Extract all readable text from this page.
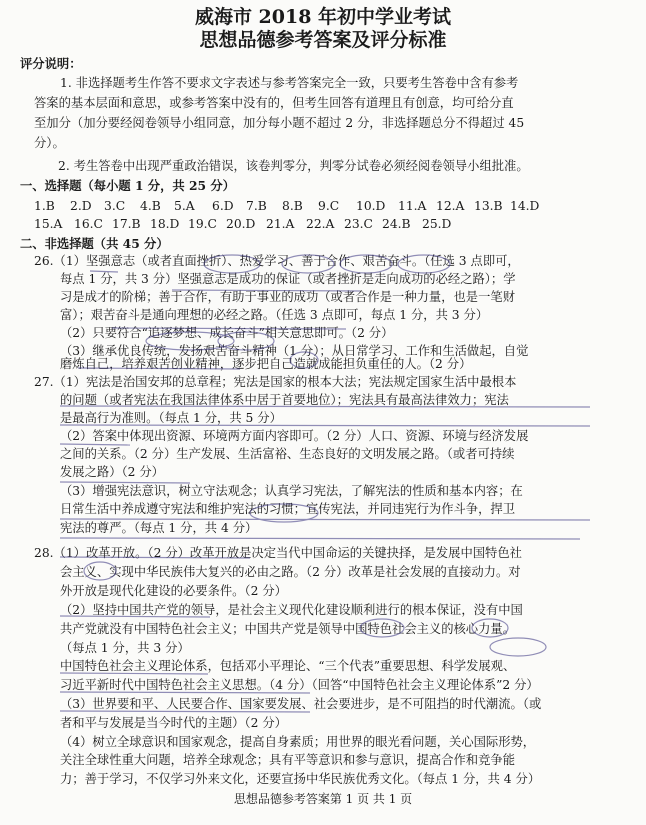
威海市 2018 年初中学业考试
思想品德参考答案及评分标准
评分说明：
1. 非选择题考生作答不要求文字表述与参考答案完全一致，只要考生答卷中含有参考
答案的基本层面和意思，或参考答案中没有的，但考生回答有道理且有创意，均可给分直
至加分（加分要经阅卷领导小组同意，加分每小题不超过 2 分，非选择题总分不得超过 45
分）。
2. 考生答卷中出现严重政治错误，该卷判零分，判零分试卷必须经阅卷领导小组批准。
一、选择题（每小题 1 分，共 25 分）
1.B 2.D 3.C 4.B 5.A 6.D 7.B 8.B 9.C 10.D 11.A 12.A 13.B 14.D
15.A 16.C 17.B 18.D 19.C 20.D 21.A 22.A 23.C 24.B 25.D
二、非选择题（共 45 分）
26.（1）坚强意志（或者直面挫折）、热爱学习、善于合作、艰苦奋斗。（任选 3 点即可，
每点 1 分，共 3 分）坚强意志是成功的保证（或者挫折是走向成功的必经之路）；学
习是成才的阶梯；善于合作，有助于事业的成功（或者合作是一种力量，也是一笔财
富）；艰苦奋斗是通向理想的必经之路。（任选 3 点即可，每点 1 分，共 3 分）
（2）只要符合“追逐梦想、成长奋斗”相关意思即可。（2 分）
（3）继承优良传统，发扬艰苦奋斗精神（1 分）；从日常学习、工作和生活做起，自觉
磨炼自己，培养艰苦创业精神，逐步把自己造就成能担负重任的人。（2 分）
27.（1）宪法是治国安邦的总章程；宪法是国家的根本大法；宪法规定国家生活中最根本
的问题（或者宪法在我国法律体系中居于首要地位）；宪法具有最高法律效力；宪法
是最高行为准则。（每点 1 分，共 5 分）
（2）答案中体现出资源、环境两方面内容即可。（2 分）人口、资源、环境与经济发展
之间的关系。（2 分）生产发展、生活富裕、生态良好的文明发展之路。（或者可持续
发展之路）（2 分）
（3）增强宪法意识，树立守法观念；认真学习宪法，了解宪法的性质和基本内容；在
日常生活中养成遵守宪法和维护宪法的习惯；宣传宪法，并同违宪行为作斗争，捍卫
宪法的尊严。（每点 1 分，共 4 分）
28.（1）改革开放。（2 分）改革开放是决定当代中国命运的关键抉择，是发展中国特色社
会主义、实现中华民族伟大复兴的必由之路。（2 分）改革是社会发展的直接动力。对
外开放是现代化建设的必要条件。（2 分）
（2）坚持中国共产党的领导，是社会主义现代化建设顺利进行的根本保证，没有中国
共产党就没有中国特色社会主义；中国共产党是领导中国特色社会主义的核心力量。
（每点 1 分，共 3 分）
中国特色社会主义理论体系，包括邓小平理论、“三个代表”重要思想、科学发展观、
习近平新时代中国特色社会主义思想。（4 分）（回答“中国特色社会主义理论体系”2 分）
（3）世界要和平、人民要合作、国家要发展、社会要进步，是不可阻挡的时代潮流。（或
者和平与发展是当今时代的主题）（2 分）
（4）树立全球意识和国家观念，提高自身素质；用世界的眼光看问题，关心国际形势，
关注全球性重大问题，培养全球观念；具有平等意识和参与意识，提高合作和竞争能
力；善于学习，不仅学习外来文化，还要宣扬中华民族优秀文化。（每点 1 分，共 4 分）
思想品德参考答案第 1 页 共 1 页
